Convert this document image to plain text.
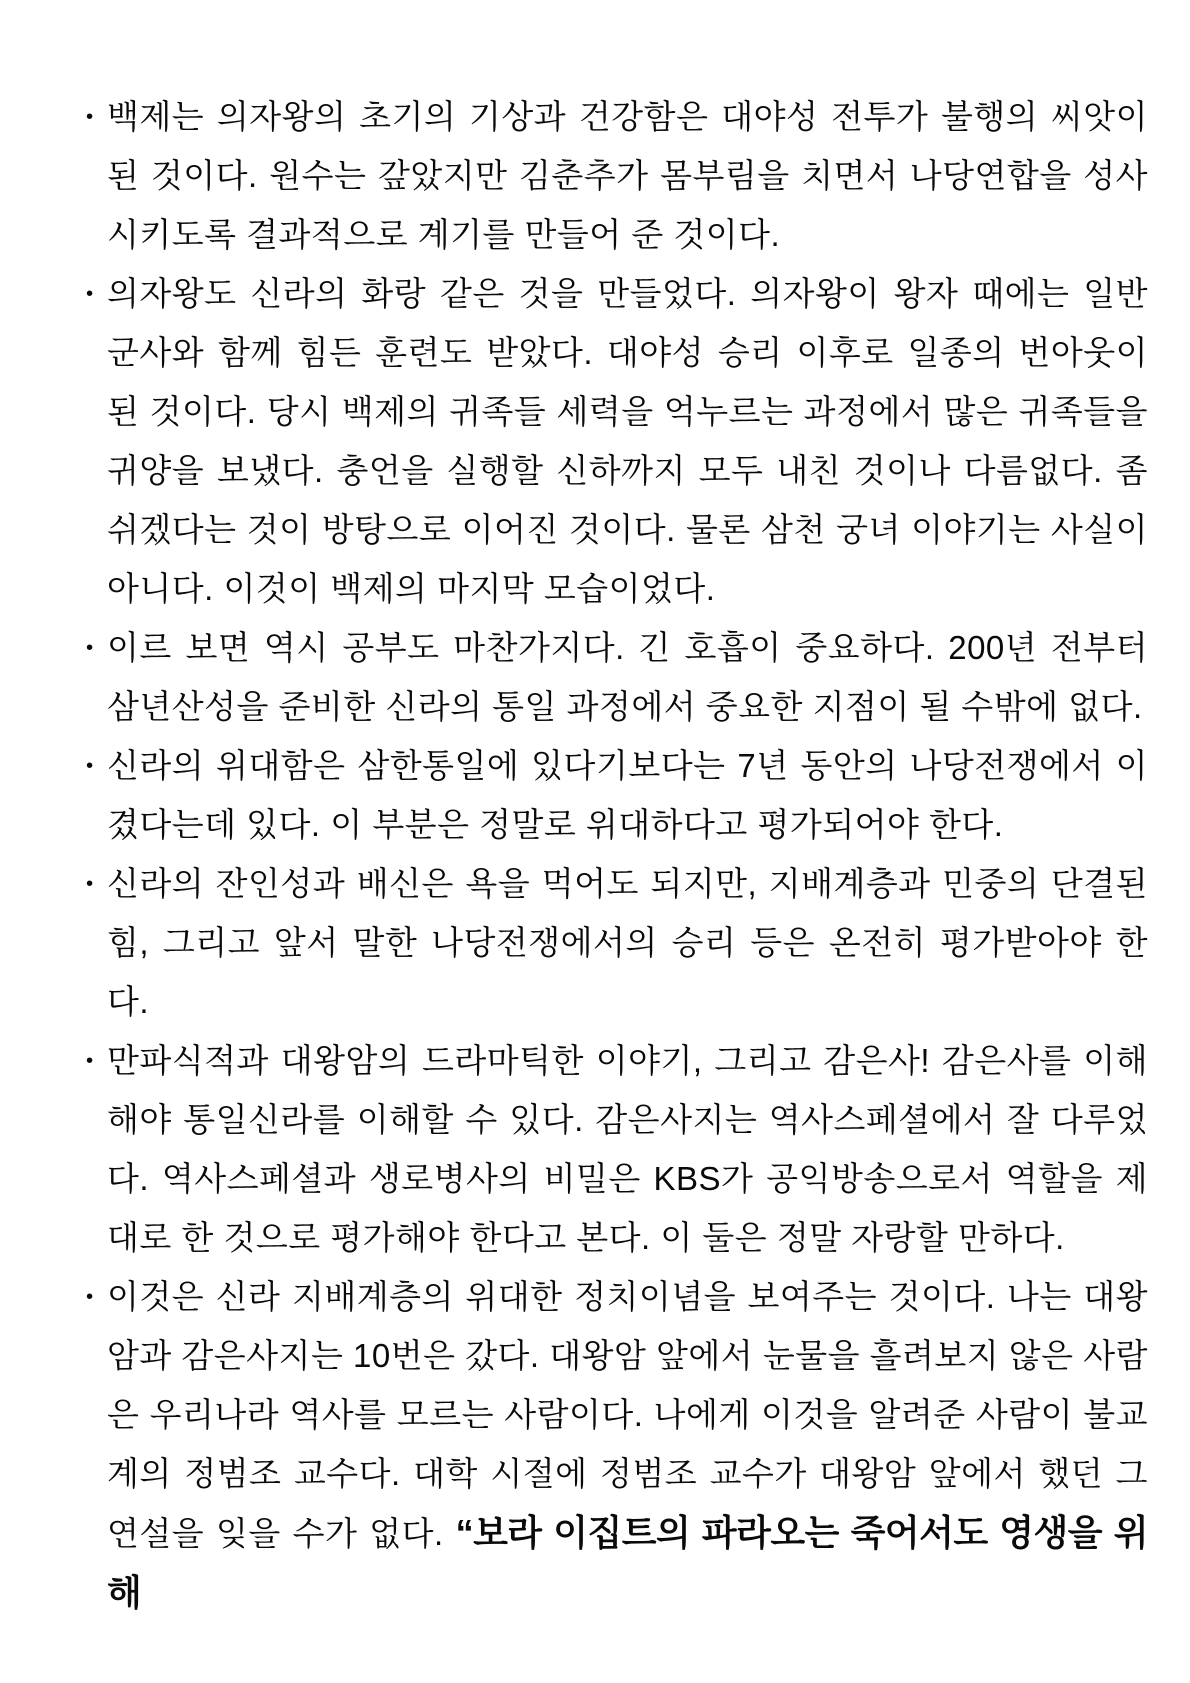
• 백제는 의자왕의 초기의 기상과 건강함은 대야성 전투가 불행의 씨앗이 된 것이다. 원수는 갚았지만 김춘추가 몸부림을 치면서 나당연합을 성사시키도록 결과적으로 계기를 만들어 준 것이다.
• 의자왕도 신라의 화랑 같은 것을 만들었다. 의자왕이 왕자 때에는 일반 군사와 함께 힘든 훈련도 받았다. 대야성 승리 이후로 일종의 번아웃이 된 것이다. 당시 백제의 귀족들 세력을 억누르는 과정에서 많은 귀족들을 귀양을 보냈다. 충언을 실행할 신하까지 모두 내친 것이나 다름없다. 좀 쉬겠다는 것이 방탕으로 이어진 것이다. 물론 삼천 궁녀 이야기는 사실이 아니다. 이것이 백제의 마지막 모습이었다.
• 이르 보면 역시 공부도 마찬가지다. 긴 호흡이 중요하다. 200년 전부터 삼년산성을 준비한 신라의 통일 과정에서 중요한 지점이 될 수밖에 없다.
• 신라의 위대함은 삼한통일에 있다기보다는 7년 동안의 나당전쟁에서 이겼다는데 있다. 이 부분은 정말로 위대하다고 평가되어야 한다.
• 신라의 잔인성과 배신은 욕을 먹어도 되지만, 지배계층과 민중의 단결된 힘, 그리고 앞서 말한 나당전쟁에서의 승리 등은 온전히 평가받아야 한다.
• 만파식적과 대왕암의 드라마틱한 이야기, 그리고 감은사! 감은사를 이해해야 통일신라를 이해할 수 있다. 감은사지는 역사스페셜에서 잘 다루었다. 역사스페셜과 생로병사의 비밀은 KBS가 공익방송으로서 역할을 제대로 한 것으로 평가해야 한다고 본다. 이 둘은 정말 자랑할 만하다.
• 이것은 신라 지배계층의 위대한 정치이념을 보여주는 것이다. 나는 대왕암과 감은사지는 10번은 갔다. 대왕암 앞에서 눈물을 흘려보지 않은 사람은 우리나라 역사를 모르는 사람이다. 나에게 이것을 알려준 사람이 불교계의 정범조 교수다. 대학 시절에 정범조 교수가 대왕암 앞에서 했던 그 연설을 잊을 수가 없다. “보라 이집트의 파라오는 죽어서도 영생을 위해
